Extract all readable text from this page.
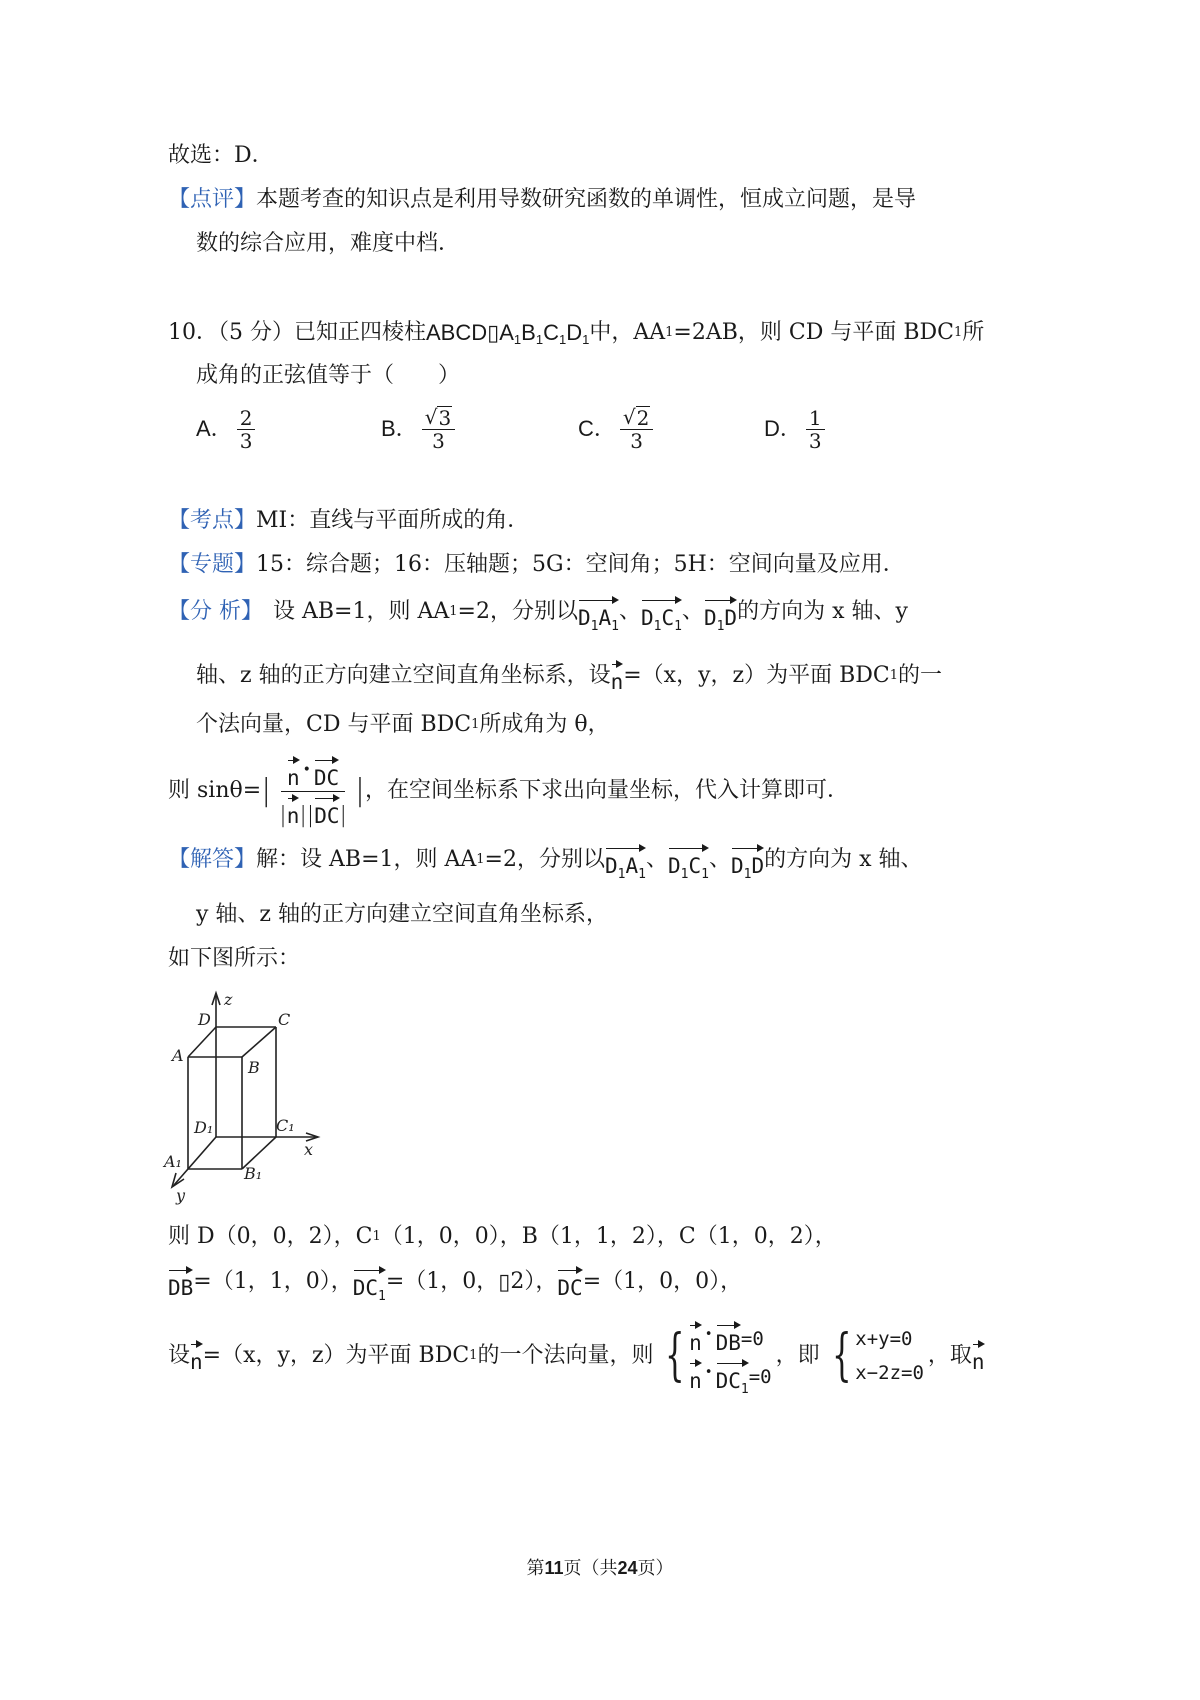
故选：D．
【点评】 本题考查的知识点是利用导数研究函数的单调性，恒成立问题，是导
数的综合应用，难度中档．
10．（5 分）已知正四棱柱 ABCD ▯ $A_1B_1C_1D_1$ 中，AA 1 =2AB，则 CD 与平面 BDC 1 所
成角的正弦值等于（　　）
A． $\frac{2}{3}$	B． $\frac{√ 3}{3}$	C． $\frac{√ 2}{3}$	D． $\frac{1}{3}$
【考点】 MI：直线与平面所成的角．
【专题】 15：综合题；16：压轴题；5G：空间角；5H：空间向量及应用．
【分 析】 设 AB=1，则 AA 1 =2，分别以 $D_1A_1$
、 $D_1C_1$
、 $D_1D$ 的方向为 x 轴、y
轴、z 轴的正方向建立空间直角坐标系，设 n =（x，y，z）为平面 BDC 1 的一
个法向量，CD 与平面 BDC 1 所成角为 θ，
则 sinθ= | $\frac{n • DC}{| n | | DC |}$ | ，在空间坐标系下求出向量坐标，代入计算即可．
【解答】 解：设 AB=1，则 AA 1 =2，分别以 $D_1A_1$
、 $D_1C_1$
、 $D_1D$ 的方向为 x 轴、
y 轴、z 轴的正方向建立空间直角坐标系，
如下图所示：
z
D	C
A
B
D₁	C₁
x
A₁
B₁
y
则 D（0，0，2），C 1 （1，0，0），B（1，1，2），C（1，0，2），
DB =（1，1，0）， $DC_1$
=（1，0， ▯ 2）， DC =（1，0，0），
设 n =（x，y，z）为平面 BDC 1 的一个法向量，则 { n • DB =0
n • $DC_1$
=0
，即 { x+y=0
x−2z=0
，取 n
第11页（共24页）
